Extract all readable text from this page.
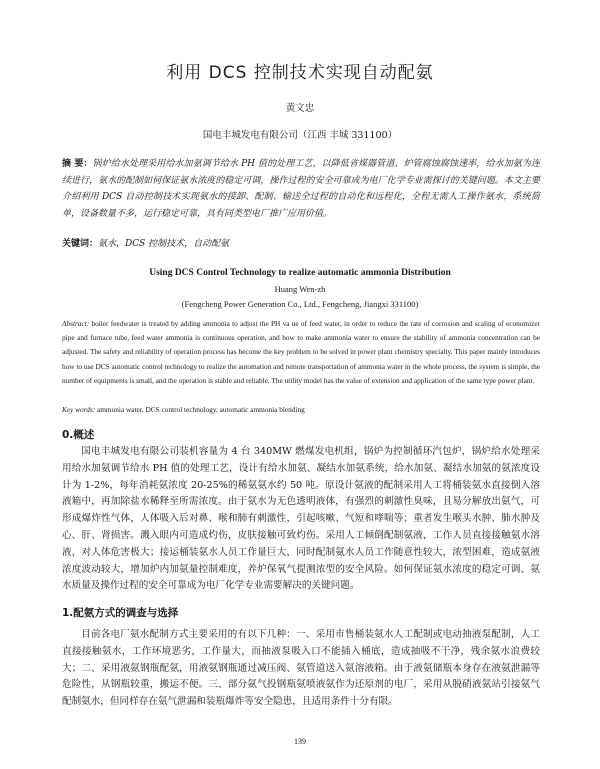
利用 DCS 控制技术实现自动配氨
黄文忠
国电丰城发电有限公司（江西 丰城 331100）
摘 要：锅炉给水处理采用给水加氨调节给水 PH 值的处理工艺，以降低省煤器管道、炉管腐蚀腐蚀速率，给水加氨为连续进行，氨水的配制如何保证氨水浓度的稳定可调，操作过程的安全可靠成为电厂化学专业需探讨的关键问题。本文主要介绍利用 DCS 自动控制技术实现氨水的接卸、配制、输送全过程的自动化和远程化，全程无需人工操作氨水，系统简单，设备数量不多，运行稳定可靠，具有同类型电厂推广应用价值。
关键词：氨水，DCS 控制技术，自动配氨
Using DCS Control Technology to realize automatic ammonia Distribution
Huang Wen-zh
(Fengcheng Power Generation Co., Ltd., Fengcheng, Jiangxi 331100)
Abstract: boiler feedwater is treated by adding ammonia to adjust the PH va ue of feed water, in order to reduce the rate of corrosion and scaling of economizer pipe and furnace tube, feed water ammonia is continuous operation, and how to make ammonia water to ensure the stability of ammonia concentration can be adjusted. The safety and reliability of operation process has become the key problem to be solved in power plant chemistry specialty. This paper mainly introduces how to use DCS automatic control technology to realize the automation and remote transportation of ammonia water in the whole process, the system is simple, the number of equipments is small, and the operation is stable and reliable. The utility model has the value of extension and application of the same type power plant.
Key words: ammonia water, DCS control technology, automatic ammonia blending
0.概述
国电丰城发电有限公司装机容量为 4 台 340MW 燃煤发电机组，锅炉为控制循环汽包炉，锅炉给水处理采用给水加氨调节给水 PH 值的处理工艺，设计有给水加氨、凝结水加氨系统，给水加氨、凝结水加氨的氨浓度设计为 1-2%，每年消耗氨浓度 20-25%的稀氨氨水约 50 吨。原设计氨液的配制采用人工将桶装氨水直接倒入溶液箱中，再加除盐水稀释至所需浓度。由于氨水为无色透明液体，有强烈的刺激性臭味，且易分解放出氨气，可形成爆炸性气体，人体吸入后对鼻、喉和肺有刺激性，引起咳嗽、气短和哮喘等；重者发生喉头水肿、肺水肿及心、肝、肾损害。溅入眼内可造成灼伤，皮肤接触可致灼伤。采用人工倾倒配制氨液，工作人员直接接触氨水溶液，对人体危害极大；接运桶装氨水人员工作量巨大，同时配制氨水人员工作随意性较大，浓型困难，造成氨液浓度波动较大，增加炉内加氨量控制难度，养炉保氧气提测浓型的安全风险。如何保证氨水浓度的稳定可调、氨水质量及操作过程的安全可靠成为电厂化学专业需要解决的关键问题。
1.配氨方式的调查与选择
目前各电厂氨水配制方式主要采用的有以下几种：一、采用市售桶装氨水人工配制或电动抽液泵配制，人工直接接触氨水，工作环境恶劣，工作量大，而抽液泵吸入口不能插入桶底，造成抽吸不干净，残余氨水浪费较大；二、采用液氨钢瓶配氨，用液氨钢瓶通过减压阀、氨管道送入氨溶液箱。由于液氨储瓶本身存在液氨泄漏等危险性，从钢瓶较重，搬运不便。三、部分氨气投钢瓶氨喷液氨作为还原剂的电厂，采用从脱硝液氨站引接氨气配制氨水，但同样存在氨气泄漏和装瓶爆炸等安全隐患，且适用条件十分有限。
139
